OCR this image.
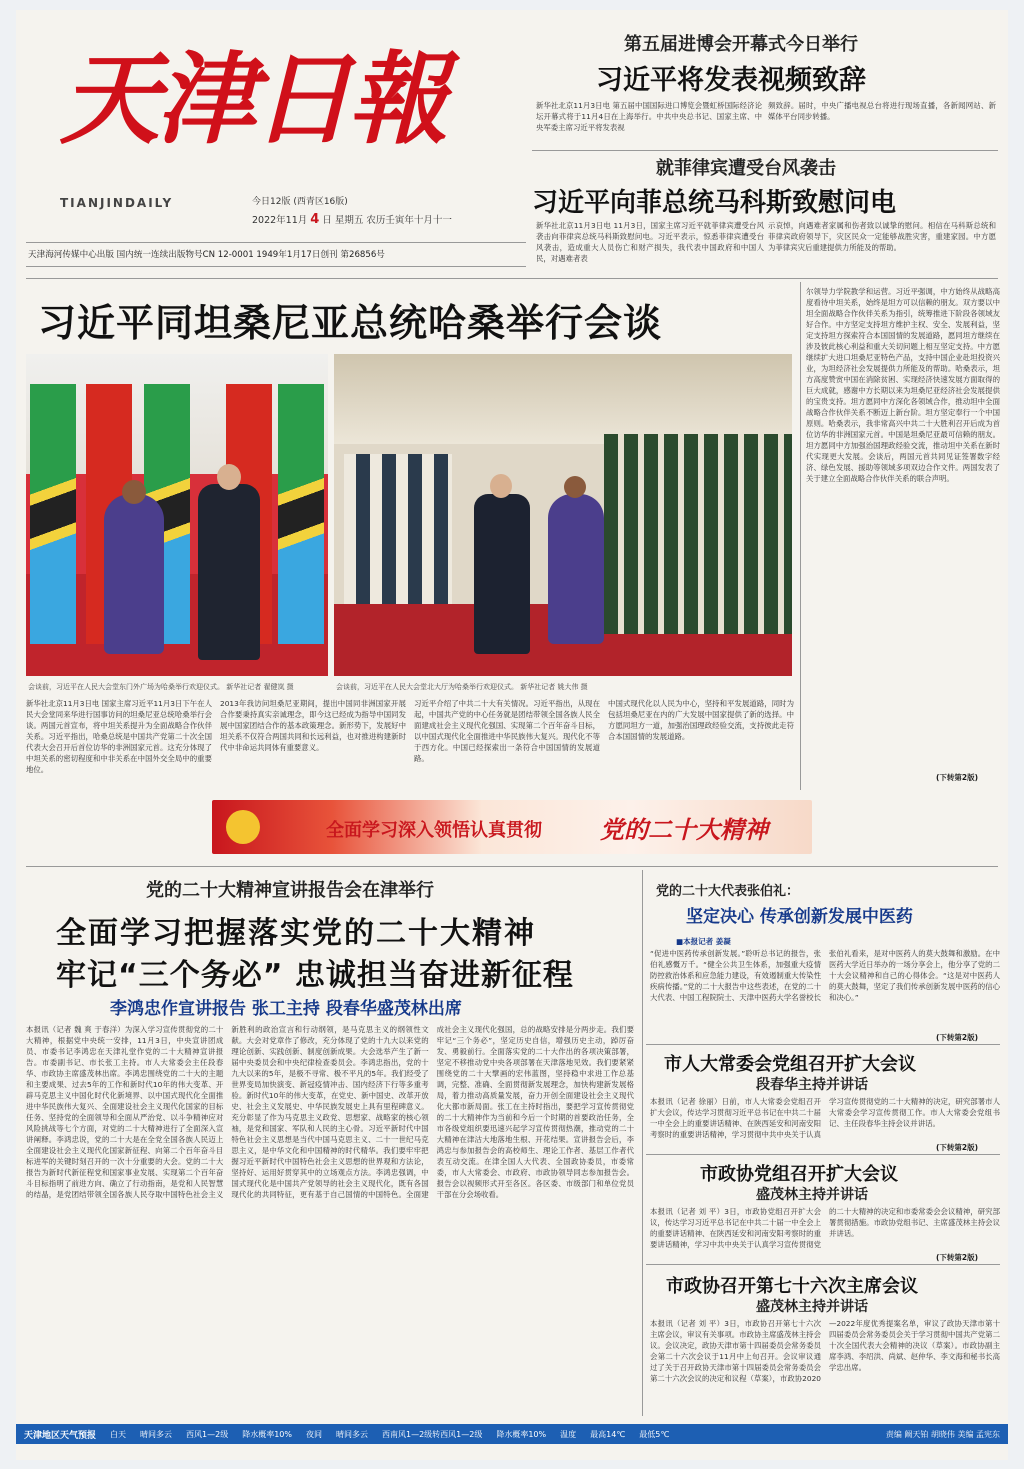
天津日報
TIANJINDAILY	今日12版 (西青区16版)
2022年11月 4 日 星期五 农历壬寅年十月十一
天津海河传媒中心出版 国内统一连续出版物号CN 12-0001 1949年1月17日创刊 第26856号
第五届进博会开幕式今日举行
习近平将发表视频致辞
新华社北京11月3日电 第五届中国国际进口博览会暨虹桥国际经济论坛开幕式将于11月4日在上海举行。中共中央总书记、国家主席、中央军委主席习近平将发表视
频致辞。届时，中央广播电视总台将进行现场直播，各新闻网站、新媒体平台同步转播。
就菲律宾遭受台风袭击
习近平向菲总统马科斯致慰问电
新华社北京11月3日电 11月3日，国家主席习近平就菲律宾遭受台风袭击向菲律宾总统马科斯致慰问电。习近平表示，惊悉菲律宾遭受台风袭击，造成重大人员伤亡和财产损失，我代表中国政府和中国人民，对遇难者表
示哀悼，向遇难者家属和伤者致以诚挚的慰问。相信在马科斯总统和菲律宾政府领导下，灾区民众一定能够战胜灾害，重建家园。中方愿为菲律宾灾后重建提供力所能及的帮助。
习近平同坦桑尼亚总统哈桑举行会谈
会谈前，习近平在人民大会堂东门外广场为哈桑举行欢迎仪式。 新华社记者 翟健岚 摄	会谈前，习近平在人民大会堂北大厅为哈桑举行欢迎仪式。 新华社记者 姚大伟 摄
新华社北京11月3日电 国家主席习近平11月3日下午在人民大会堂同来华进行国事访问的坦桑尼亚总统哈桑举行会谈。两国元首宣布，将中坦关系提升为全面战略合作伙伴关系。习近平指出，哈桑总统是中国共产党第二十次全国代表大会召开后首位访华的非洲国家元首。这充分体现了中坦关系的密切程度和中非关系在中国外交全局中的重要地位。
2013年我访问坦桑尼亚期间，提出中国同非洲国家开展合作要秉持真实亲诚理念，即今这已经成为指导中国同发展中国家团结合作的基本政策理念。新形势下，发展好中坦关系不仅符合两国共同和长远利益，也对推进构建新时代中非命运共同体有重要意义。
习近平介绍了中共二十大有关情况。习近平指出，从现在起，中国共产党的中心任务就是团结带领全国各族人民全面建成社会主义现代化强国、实现第二个百年奋斗目标，以中国式现代化全面推进中华民族伟大复兴。现代化不等于西方化。中国已经探索出一条符合中国国情的发展道路。
中国式现代化以人民为中心，坚持和平发展道路，同时为包括坦桑尼亚在内的广大发展中国家提供了新的选择。中方愿同坦方一道，加强治国理政经验交流，支持彼此走符合本国国情的发展道路。
尔领导力学院教学和运营。习近平强调，中方始终从战略高度看待中坦关系，始终是坦方可以信赖的朋友。双方要以中坦全面战略合作伙伴关系为指引，统筹推进下阶段各领域友好合作。中方坚定支持坦方维护主权、安全、发展利益，坚定支持坦方探索符合本国国情的发展道路，愿同坦方继续在涉及彼此核心利益和重大关切问题上相互坚定支持。中方愿继续扩大进口坦桑尼亚特色产品，支持中国企业赴坦投资兴业，为坦经济社会发展提供力所能及的帮助。哈桑表示，坦方高度赞赏中国在消除贫困、实现经济快速发展方面取得的巨大成就，感谢中方长期以来为坦桑尼亚经济社会发展提供的宝贵支持。坦方愿同中方深化各领域合作，推动坦中全面战略合作伙伴关系不断迈上新台阶。坦方坚定奉行一个中国原则。哈桑表示，我非常高兴中共二十大胜利召开后成为首位访华的非洲国家元首。中国是坦桑尼亚最可信赖的朋友。坦方愿同中方加强治国理政经验交流，推动坦中关系在新时代实现更大发展。会谈后，两国元首共同见证签署数字经济、绿色发展、援助等领域多项双边合作文件。两国发表了关于建立全面战略合作伙伴关系的联合声明。
(下转第2版)
全面学习深入领悟认真贯彻 党的二十大精神
党的二十大精神宣讲报告会在津举行
全面学习把握落实党的二十大精神
牢记“三个务必” 忠诚担当奋进新征程
李鸿忠作宣讲报告 张工主持 段春华盛茂林出席
本报讯（记者 魏 爽 于春洋）为深入学习宣传贯彻党的二十大精神，根据党中央统一安排，11月3日，中央宣讲团成员、市委书记李鸿忠在天津礼堂作党的二十大精神宣讲报告。市委副书记、市长张工主持。市人大常委会主任段春华、市政协主席盛茂林出席。李鸿忠围绕党的二十大的主题和主要成果、过去5年的工作和新时代10年的伟大变革、开辟马克思主义中国化时代化新境界、以中国式现代化全面推进中华民族伟大复兴、全面建设社会主义现代化国家的目标任务、坚持党的全面领导和全面从严治党、以斗争精神应对风险挑战等七个方面，对党的二十大精神进行了全面深入宣讲阐释。李鸿忠说，党的二十大是在全党全国各族人民迈上全面建设社会主义现代化国家新征程、向第二个百年奋斗目标进军的关键时刻召开的一次十分重要的大会。党的二十大报告为新时代新征程党和国家事业发展、实现第二个百年奋斗目标指明了前进方向、确立了行动指南，是党和人民智慧的结晶，是党团结带领全国各族人民夺取中国特色社会主义新胜利的政治宣言和行动纲领，是马克思主义的纲领性文献。大会对党章作了修改，充分体现了党的十九大以来党的理论创新、实践创新、制度创新成果。大会选举产生了新一届中央委员会和中央纪律检查委员会。李鸿忠指出，党的十九大以来的5年，是极不寻常、极不平凡的5年。我们经受了世界变局加快演变、新冠疫情冲击、国内经济下行等多重考验。新时代10年的伟大变革，在党史、新中国史、改革开放史、社会主义发展史、中华民族发展史上具有里程碑意义。充分彰显了作为马克思主义政党、思想家、战略家的核心领袖，是党和国家、军队和人民的主心骨。习近平新时代中国特色社会主义思想是当代中国马克思主义、二十一世纪马克思主义，是中华文化和中国精神的时代精华。我们要牢牢把握习近平新时代中国特色社会主义思想的世界观和方法论，坚持好、运用好贯穿其中的立场观点方法。李鸿忠强调，中国式现代化是中国共产党领导的社会主义现代化，既有各国现代化的共同特征，更有基于自己国情的中国特色。全面建成社会主义现代化强国，总的战略安排是分两步走。我们要牢记“三个务必”，坚定历史自信，增强历史主动，踔厉奋发、勇毅前行。全面落实党的二十大作出的各项决策部署，坚定不移推动党中央各项部署在天津落地见效。我们要紧紧围绕党的二十大擘画的宏伟蓝图，坚持稳中求进工作总基调，完整、准确、全面贯彻新发展理念，加快构建新发展格局，着力推动高质量发展，奋力开创全面建设社会主义现代化大都市新局面。张工在主持时指出，要把学习宣传贯彻党的二十大精神作为当前和今后一个时期的首要政治任务，全市各级党组织要迅速兴起学习宣传贯彻热潮，推动党的二十大精神在津沽大地落地生根、开花结果。宣讲报告会后，李鸿忠与参加报告会的高校师生、理论工作者、基层工作者代表互动交流。在津全国人大代表、全国政协委员，市委常委，市人大常委会、市政府、市政协领导同志参加报告会。报告会以视频形式开至各区。各区委、市级部门和单位党员干部在分会场收看。
党的二十大代表张伯礼：
坚定决心 传承创新发展中医药
■本报记者 姜凝
“促进中医药传承创新发展。”聆听总书记的报告，张伯礼感慨万千。“健全公共卫生体系，加强重大疫情防控救治体系和应急能力建设，有效遏制重大传染性疾病传播。”党的二十大报告中这些表述，在党的二十大代表、中国工程院院士、天津中医药大学名誉校长张伯礼看来，是对中医药人的莫大鼓舞和激励。在中医药大学近日举办的一场分享会上，他分享了党的二十大会议精神和自己的心得体会。“这是对中医药人的莫大鼓舞，坚定了我们传承创新发展中医药的信心和决心。”
(下转第2版)
市人大常委会党组召开扩大会议
段春华主持并讲话
本报讯（记者 徐丽）日前，市人大常委会党组召开扩大会议，传达学习贯彻习近平总书记在中共二十届一中全会上的重要讲话精神、在陕西延安和河南安阳考察时的重要讲话精神，学习贯彻中共中央关于认真学习宣传贯彻党的二十大精神的决定，研究部署市人大常委会学习宣传贯彻工作。市人大常委会党组书记、主任段春华主持会议并讲话。
(下转第2版)
市政协党组召开扩大会议
盛茂林主持并讲话
本报讯（记者 刘 平）3日，市政协党组召开扩大会议，传达学习习近平总书记在中共二十届一中全会上的重要讲话精神、在陕西延安和河南安阳考察时的重要讲话精神，学习中共中央关于认真学习宣传贯彻党的二十大精神的决定和市委常委会会议精神，研究部署贯彻措施。市政协党组书记、主席盛茂林主持会议并讲话。
(下转第2版)
市政协召开第七十六次主席会议
盛茂林主持并讲话
本报讯（记者 刘 平）3日，市政协召开第七十六次主席会议，审议有关事项。市政协主席盛茂林主持会议。会议决定，政协天津市第十四届委员会常务委员会第二十六次会议于11月中上旬召开。会议审议通过了关于召开政协天津市第十四届委员会常务委员会第二十六次会议的决定和议程（草案），市政协2020—2022年度优秀提案名单，审议了政协天津市第十四届委员会常务委员会关于学习贯彻中国共产党第二十次全国代表大会精神的决议（草案）。市政协副主席李鸿、李绍洪、尚斌、赵仲华、李文海和秘书长高学忠出席。
天津地区天气预报 白天 晴间多云 西风1—2级 降水概率10% 夜间 晴间多云 西南风1—2级转西风1—2级 降水概率10% 温度 最高14℃ 最低5℃	责编 阚天铂 胡晓伟 美编 孟宪东
